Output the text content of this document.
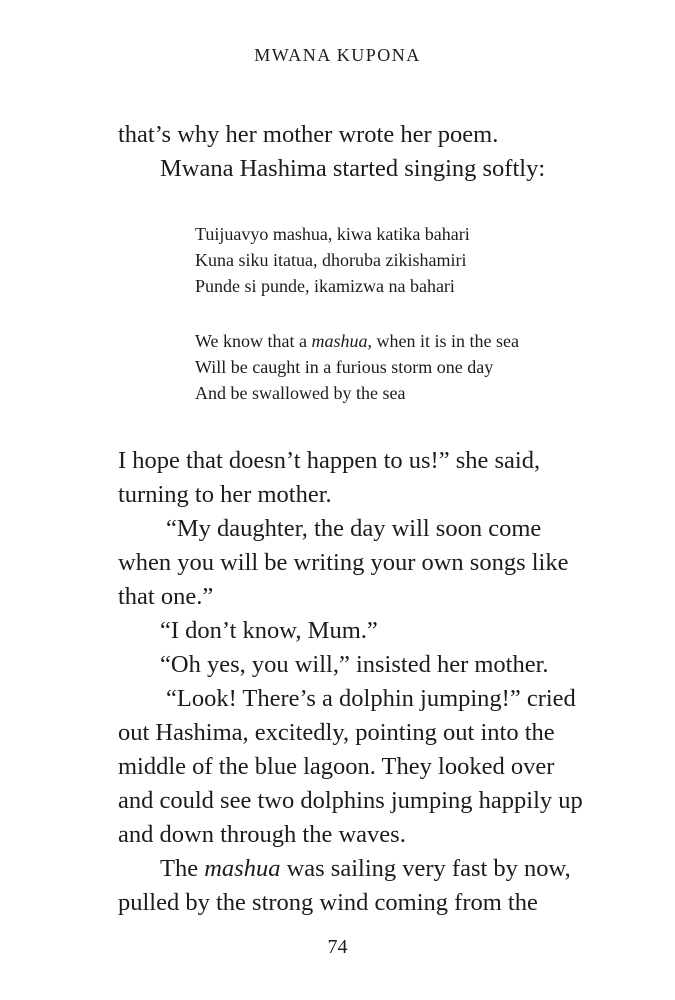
MWANA KUPONA
that’s why her mother wrote her poem.
Mwana Hashima started singing softly:
Tuijuavyo mashua, kiwa katika bahari
Kuna siku itatua, dhoruba zikishamiri
Punde si punde, ikamizwa na bahari
We know that a mashua, when it is in the sea
Will be caught in a furious storm one day
And be swallowed by the sea
I hope that doesn’t happen to us!” she said,
turning to her mother.
“My daughter, the day will soon come
when you will be writing your own songs like
that one.”
“I don’t know, Mum.”
“Oh yes, you will,” insisted her mother.
“Look! There’s a dolphin jumping!” cried
out Hashima, excitedly, pointing out into the
middle of the blue lagoon. They looked over
and could see two dolphins jumping happily up
and down through the waves.
The mashua was sailing very fast by now,
pulled by the strong wind coming from the
74
